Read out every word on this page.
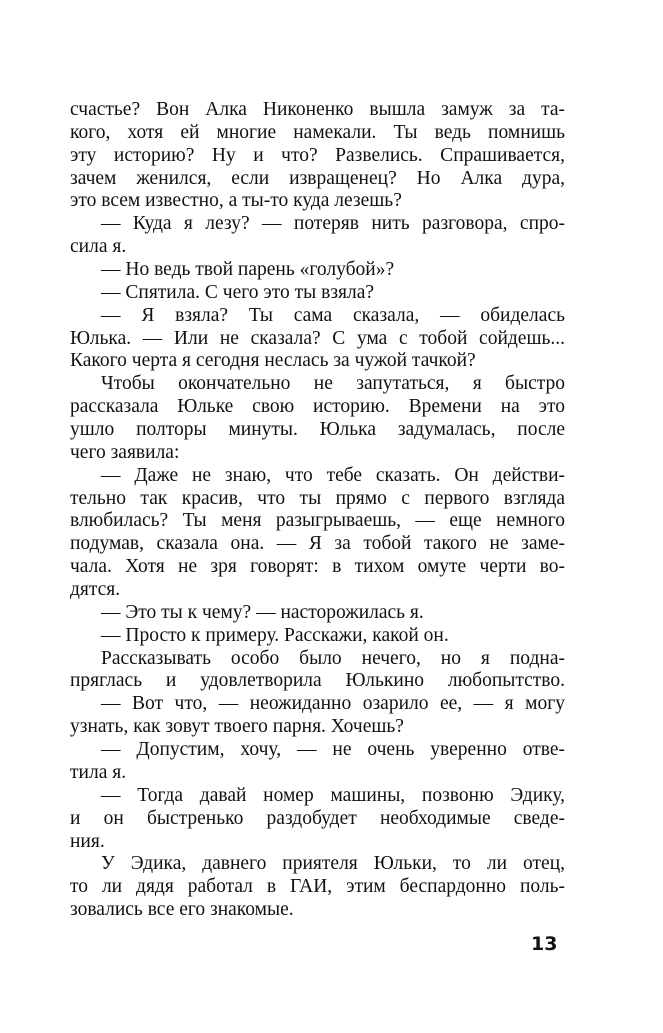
счастье? Вон Алка Никоненко вышла замуж за та-
кого, хотя ей многие намекали. Ты ведь помнишь
эту историю? Ну и что? Развелись. Спрашивается,
зачем женился, если извращенец? Но Алка дура,
это всем известно, а ты-то куда лезешь?
— Куда я лезу? — потеряв нить разговора, спро-
сила я.
— Но ведь твой парень «голубой»?
— Спятила. С чего это ты взяла?
— Я взяла? Ты сама сказала, — обиделась
Юлька. — Или не сказала? С ума с тобой сойдешь...
Какого черта я сегодня неслась за чужой тачкой?
Чтобы окончательно не запутаться, я быстро
рассказала Юльке свою историю. Времени на это
ушло полторы минуты. Юлька задумалась, после
чего заявила:
— Даже не знаю, что тебе сказать. Он действи-
тельно так красив, что ты прямо с первого взгляда
влюбилась? Ты меня разыгрываешь, — еще немного
подумав, сказала она. — Я за тобой такого не заме-
чала. Хотя не зря говорят: в тихом омуте черти во-
дятся.
— Это ты к чему? — насторожилась я.
— Просто к примеру. Расскажи, какой он.
Рассказывать особо было нечего, но я подна-
пряглась и удовлетворила Юлькино любопытство.
— Вот что, — неожиданно озарило ее, — я могу
узнать, как зовут твоего парня. Хочешь?
— Допустим, хочу, — не очень уверенно отве-
тила я.
— Тогда давай номер машины, позвоню Эдику,
и он быстренько раздобудет необходимые сведе-
ния.
У Эдика, давнего приятеля Юльки, то ли отец,
то ли дядя работал в ГАИ, этим беспардонно поль-
зовались все его знакомые.
13
